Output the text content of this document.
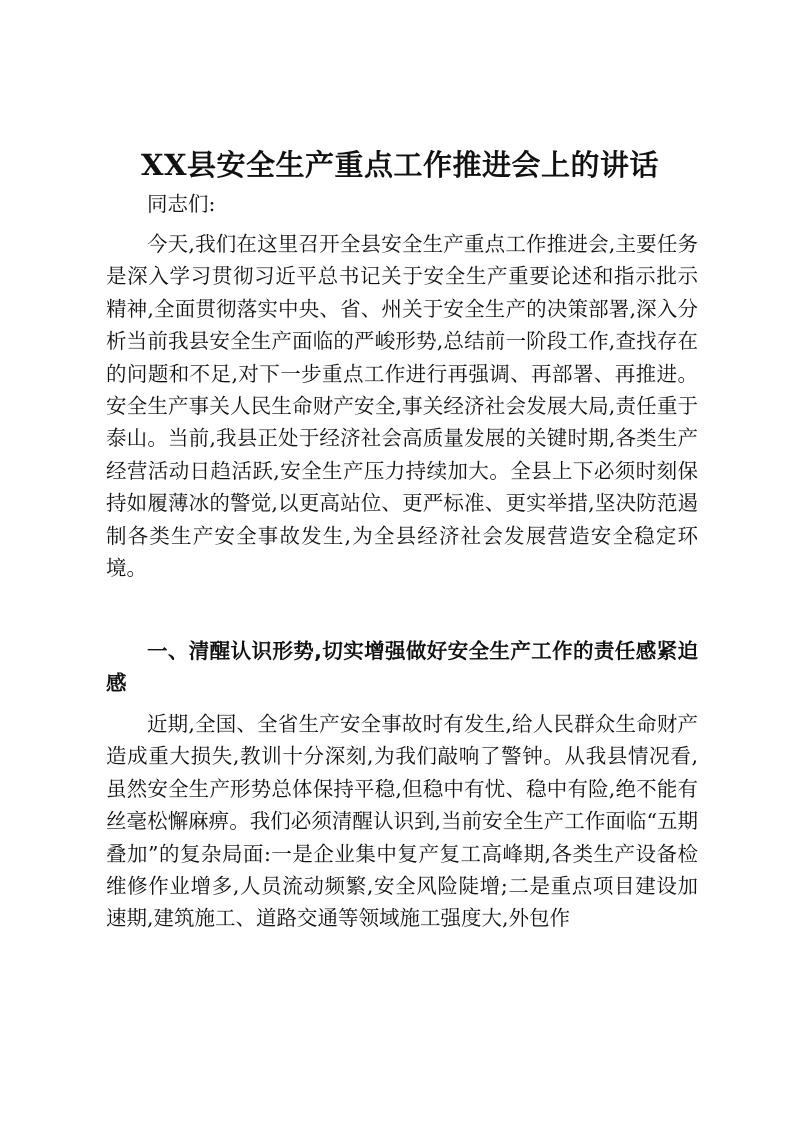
XX县安全生产重点工作推进会上的讲话

同志们:

今天,我们在这里召开全县安全生产重点工作推进会,主要任务是深入学习贯彻习近平总书记关于安全生产重要论述和指示批示精神,全面贯彻落实中央、省、州关于安全生产的决策部署,深入分析当前我县安全生产面临的严峻形势,总结前一阶段工作,查找存在的问题和不足,对下一步重点工作进行再强调、再部署、再推进。安全生产事关人民生命财产安全,事关经济社会发展大局,责任重于泰山。当前,我县正处于经济社会高质量发展的关键时期,各类生产经营活动日趋活跃,安全生产压力持续加大。全县上下必须时刻保持如履薄冰的警觉,以更高站位、更严标准、更实举措,坚决防范遏制各类生产安全事故发生,为全县经济社会发展营造安全稳定环境。

一、清醒认识形势,切实增强做好安全生产工作的责任感紧迫感

近期,全国、全省生产安全事故时有发生,给人民群众生命财产造成重大损失,教训十分深刻,为我们敲响了警钟。从我县情况看,虽然安全生产形势总体保持平稳,但稳中有忧、稳中有险,绝不能有丝毫松懈麻痹。我们必须清醒认识到,当前安全生产工作面临“五期叠加”的复杂局面:一是企业集中复产复工高峰期,各类生产设备检维修作业增多,人员流动频繁,安全风险陡增;二是重点项目建设加速期,建筑施工、道路交通等领域施工强度大,外包作
